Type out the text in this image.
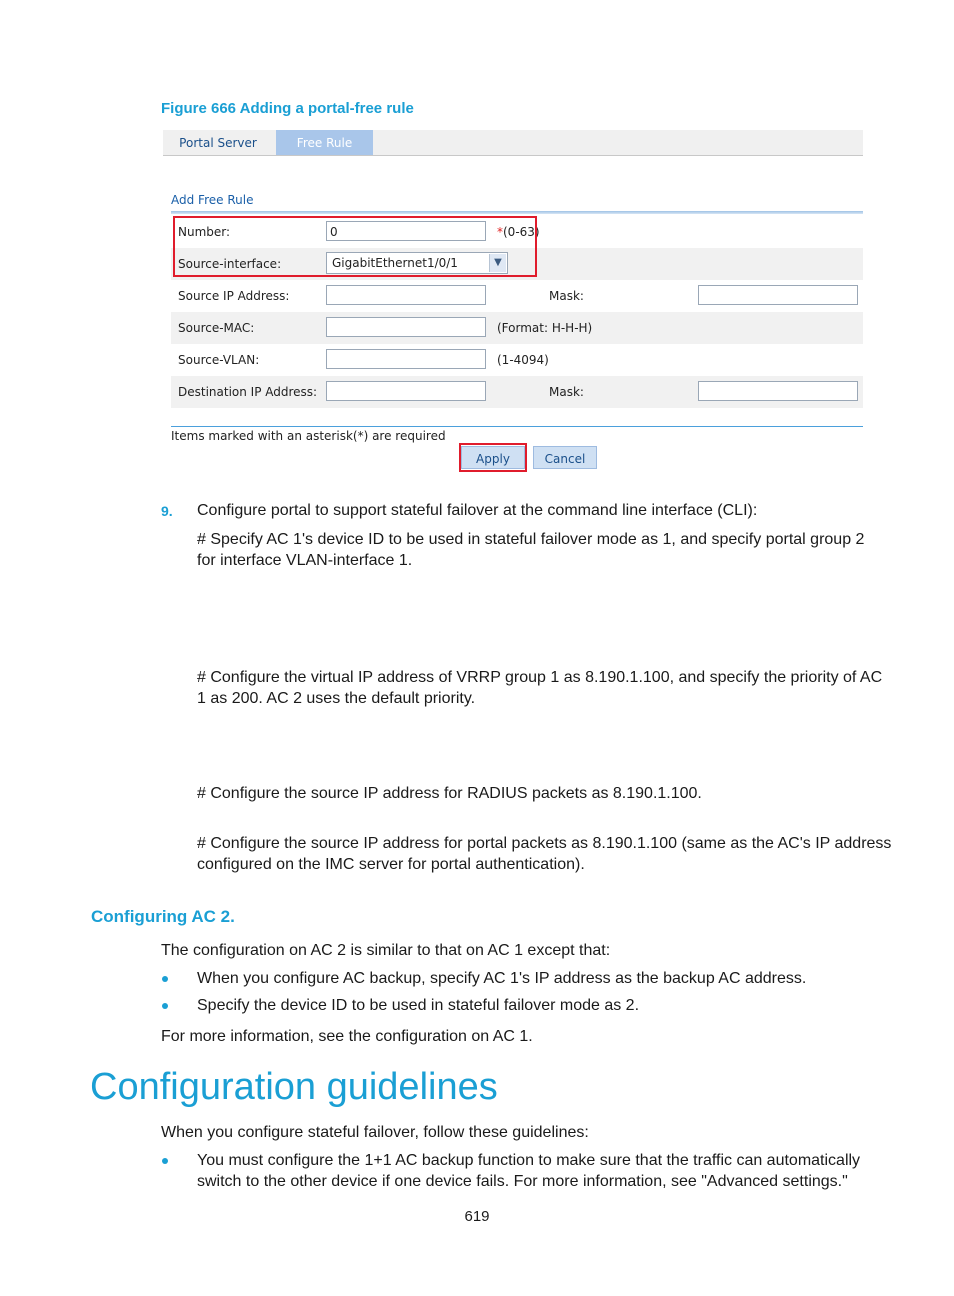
Figure 666 Adding a portal-free rule
Portal Server	Free Rule
Add Free Rule
Number:	0	*(0-63)
Source-interface:	GigabitEthernet1/0/1	▼
Source IP Address:	Mask:
Source-MAC:	(Format: H-H-H)
Source-VLAN:	(1-4094)
Destination IP Address:	Mask:
Items marked with an asterisk(*) are required
Apply	Cancel
9. Configure portal to support stateful failover at the command line interface (CLI):
# Specify AC 1's device ID to be used in stateful failover mode as 1, and specify portal group 2
for interface VLAN-interface 1.
# Configure the virtual IP address of VRRP group 1 as 8.190.1.100, and specify the priority of AC
1 as 200. AC 2 uses the default priority.
# Configure the source IP address for RADIUS packets as 8.190.1.100.
# Configure the source IP address for portal packets as 8.190.1.100 (same as the AC's IP address
configured on the IMC server for portal authentication).
Configuring AC 2.
The configuration on AC 2 is similar to that on AC 1 except that:
When you configure AC backup, specify AC 1's IP address as the backup AC address.
Specify the device ID to be used in stateful failover mode as 2.
For more information, see the configuration on AC 1.
Configuration guidelines
When you configure stateful failover, follow these guidelines:
You must configure the 1+1 AC backup function to make sure that the traffic can automatically
switch to the other device if one device fails. For more information, see "Advanced settings."
619
